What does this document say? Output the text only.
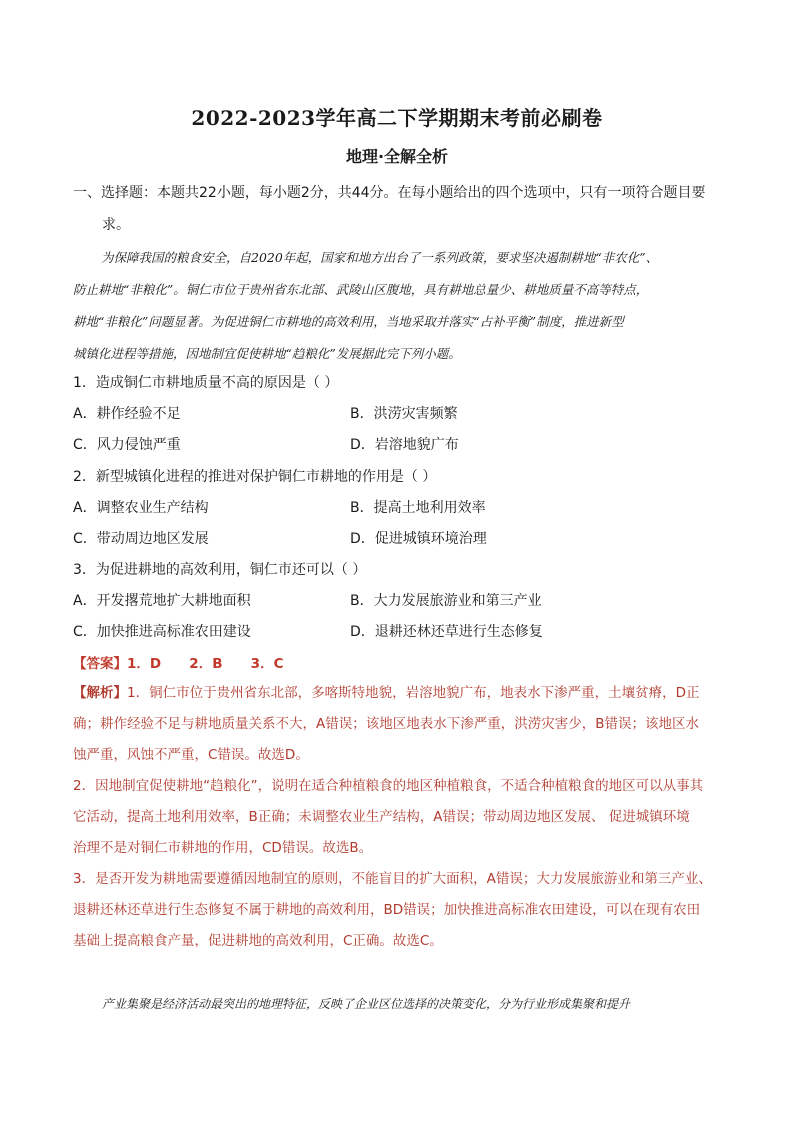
2022-2023学年高二下学期期末考前必刷卷
地理·全解全析
一、选择题：本题共22小题，每小题2分，共44分。在每小题给出的四个选项中，只有一项符合题目要
求。
为保障我国的粮食安全，自2020年起，国家和地方出台了一系列政策，要求坚决遏制耕地“非农化”、
防止耕地“非粮化”。铜仁市位于贵州省东北部、武陵山区腹地，具有耕地总量少、耕地质量不高等特点，
耕地“非粮化”问题显著。为促进铜仁市耕地的高效利用，当地采取并落实“占补平衡”制度，推进新型
城镇化进程等措施，因地制宜促使耕地“趋粮化”发展据此完下列小题。
1．造成铜仁市耕地质量不高的原因是（ ）
A．耕作经验不足	B．洪涝灾害频繁
C．风力侵蚀严重	D．岩溶地貌广布
2．新型城镇化进程的推进对保护铜仁市耕地的作用是（ ）
A．调整农业生产结构	B．提高土地利用效率
C．带动周边地区发展	D．促进城镇环境治理
3．为促进耕地的高效利用，铜仁市还可以（ ）
A．开发撂荒地扩大耕地面积	B．大力发展旅游业和第三产业
C．加快推进高标准农田建设	D．退耕还林还草进行生态修复
【答案】1．D      2．B      3．C
【解析】1．铜仁市位于贵州省东北部，多喀斯特地貌，岩溶地貌广布，地表水下渗严重，土壤贫瘠，D正
确；耕作经验不足与耕地质量关系不大，A错误；该地区地表水下渗严重，洪涝灾害少，B错误；该地区水
蚀严重，风蚀不严重，C错误。故选D。
2．因地制宜促使耕地“趋粮化”，说明在适合种植粮食的地区种植粮食，不适合种植粮食的地区可以从事其
它活动，提高土地利用效率，B正确；未调整农业生产结构，A错误；带动周边地区发展、 促进城镇环境
治理不是对铜仁市耕地的作用，CD错误。故选B。
3．是否开发为耕地需要遵循因地制宜的原则，不能盲目的扩大面积，A错误；大力发展旅游业和第三产业、
退耕还林还草进行生态修复不属于耕地的高效利用，BD错误；加快推进高标准农田建设，可以在现有农田
基础上提高粮食产量，促进耕地的高效利用，C正确。故选C。
产业集聚是经济活动最突出的地理特征，反映了企业区位选择的决策变化，分为行业形成集聚和提升
